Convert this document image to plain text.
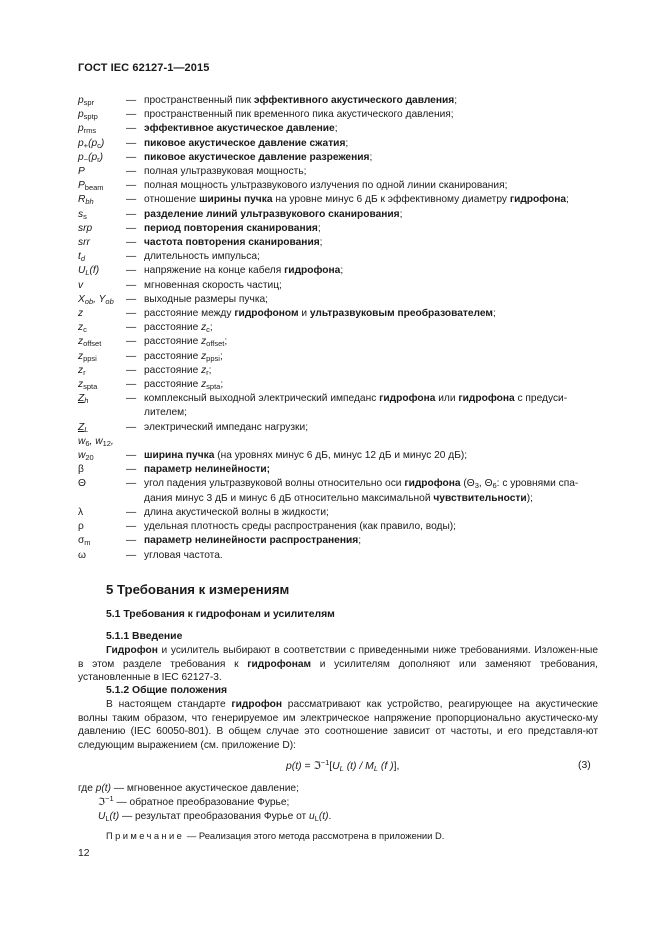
ГОСТ IEC 62127-1—2015
$p_{spr}$	— пространственный пик эффективного акустического давления;
$p_{sptp}$	— пространственный пик временного пика акустического давления;
$p_{rms}$	— эффективное акустическое давление;
$p_+(p_c)$	— пиковое акустическое давление сжатия;
$p_-(p_r)$	— пиковое акустическое давление разрежения;
P	— полная ультразвуковая мощность;
$P_{beam}$	— полная мощность ультразвукового излучения по одной линии сканирования;
$R_{bh}$	— отношение ширины пучка на уровне минус 6 дБ к эффективному диаметру гидрофона;
$s_s$	— разделение линий ультразвукового сканирования;
srp	— период повторения сканирования;
srr	— частота повторения сканирования;
$t_d$	— длительность импульса;
$U_L(f)$	— напряжение на конце кабеля гидрофона;
v	— мгновенная скорость частиц;
$X_{ob}$, $Y_{ob}$	— выходные размеры пучка;
z	— расстояние между гидрофоном и ультразвуковым преобразователем;
$z_c$	— расстояние $z_c$;
$z_{offset}$	— расстояние $z_{offset}$;
$z_{ppsi}$	— расстояние $z_{ppsi}$;
$z_r$	— расстояние $z_r$;
$z_{spta}$	— расстояние $z_{spta}$;
$Z_h$	— комплексный выходной электрический импеданс гидрофона или гидрофона с предуси-
лителем;
$Z_L$	— электрический импеданс нагрузки;
$w_6$, $w_{12}$,
$w_{20}$	— ширина пучка (на уровнях минус 6 дБ, минус 12 дБ и минус 20 дБ);
β	— параметр нелинейности;
Θ	— угол падения ультразвуковой волны относительно оси гидрофона ($\Theta_3$, $\Theta_6$: с уровнями спа-
дания минус 3 дБ и минус 6 дБ относительно максимальной чувствительности);
λ	— длина акустической волны в жидкости;
ρ	— удельная плотность среды распространения (как правило, воды);
$\sigma_m$	— параметр нелинейности распространения;
ω	— угловая частота.
5 Требования к измерениям
5.1 Требования к гидрофонам и усилителям
5.1.1 Введение
Гидрофон и усилитель выбирают в соответствии с приведенными ниже требованиями. Изложен-ные в этом разделе требования к гидрофонам и усилителям дополняют или заменяют требования, установленные в IEC 62127-3.
5.1.2 Общие положения
В настоящем стандарте гидрофон рассматривают как устройство, реагирующее на акустические волны таким образом, что генерируемое им электрическое напряжение пропорционально акустическо-му давлению (IEC 60050-801). В общем случае это соотношение зависит от частоты, и его представля-ют следующим выражением (см. приложение D):
$p(t) = ℑ^{-1}[U_L$ $(t) / M_L$ (f )],	(3)
где p(t) — мгновенное акустическое давление;
ℑ$^{-1}$ — обратное преобразование Фурье;
$U_L(t)$ — результат преобразования Фурье от $u_L(t)$.
Примечание — Реализация этого метода рассмотрена в приложении D.
12
